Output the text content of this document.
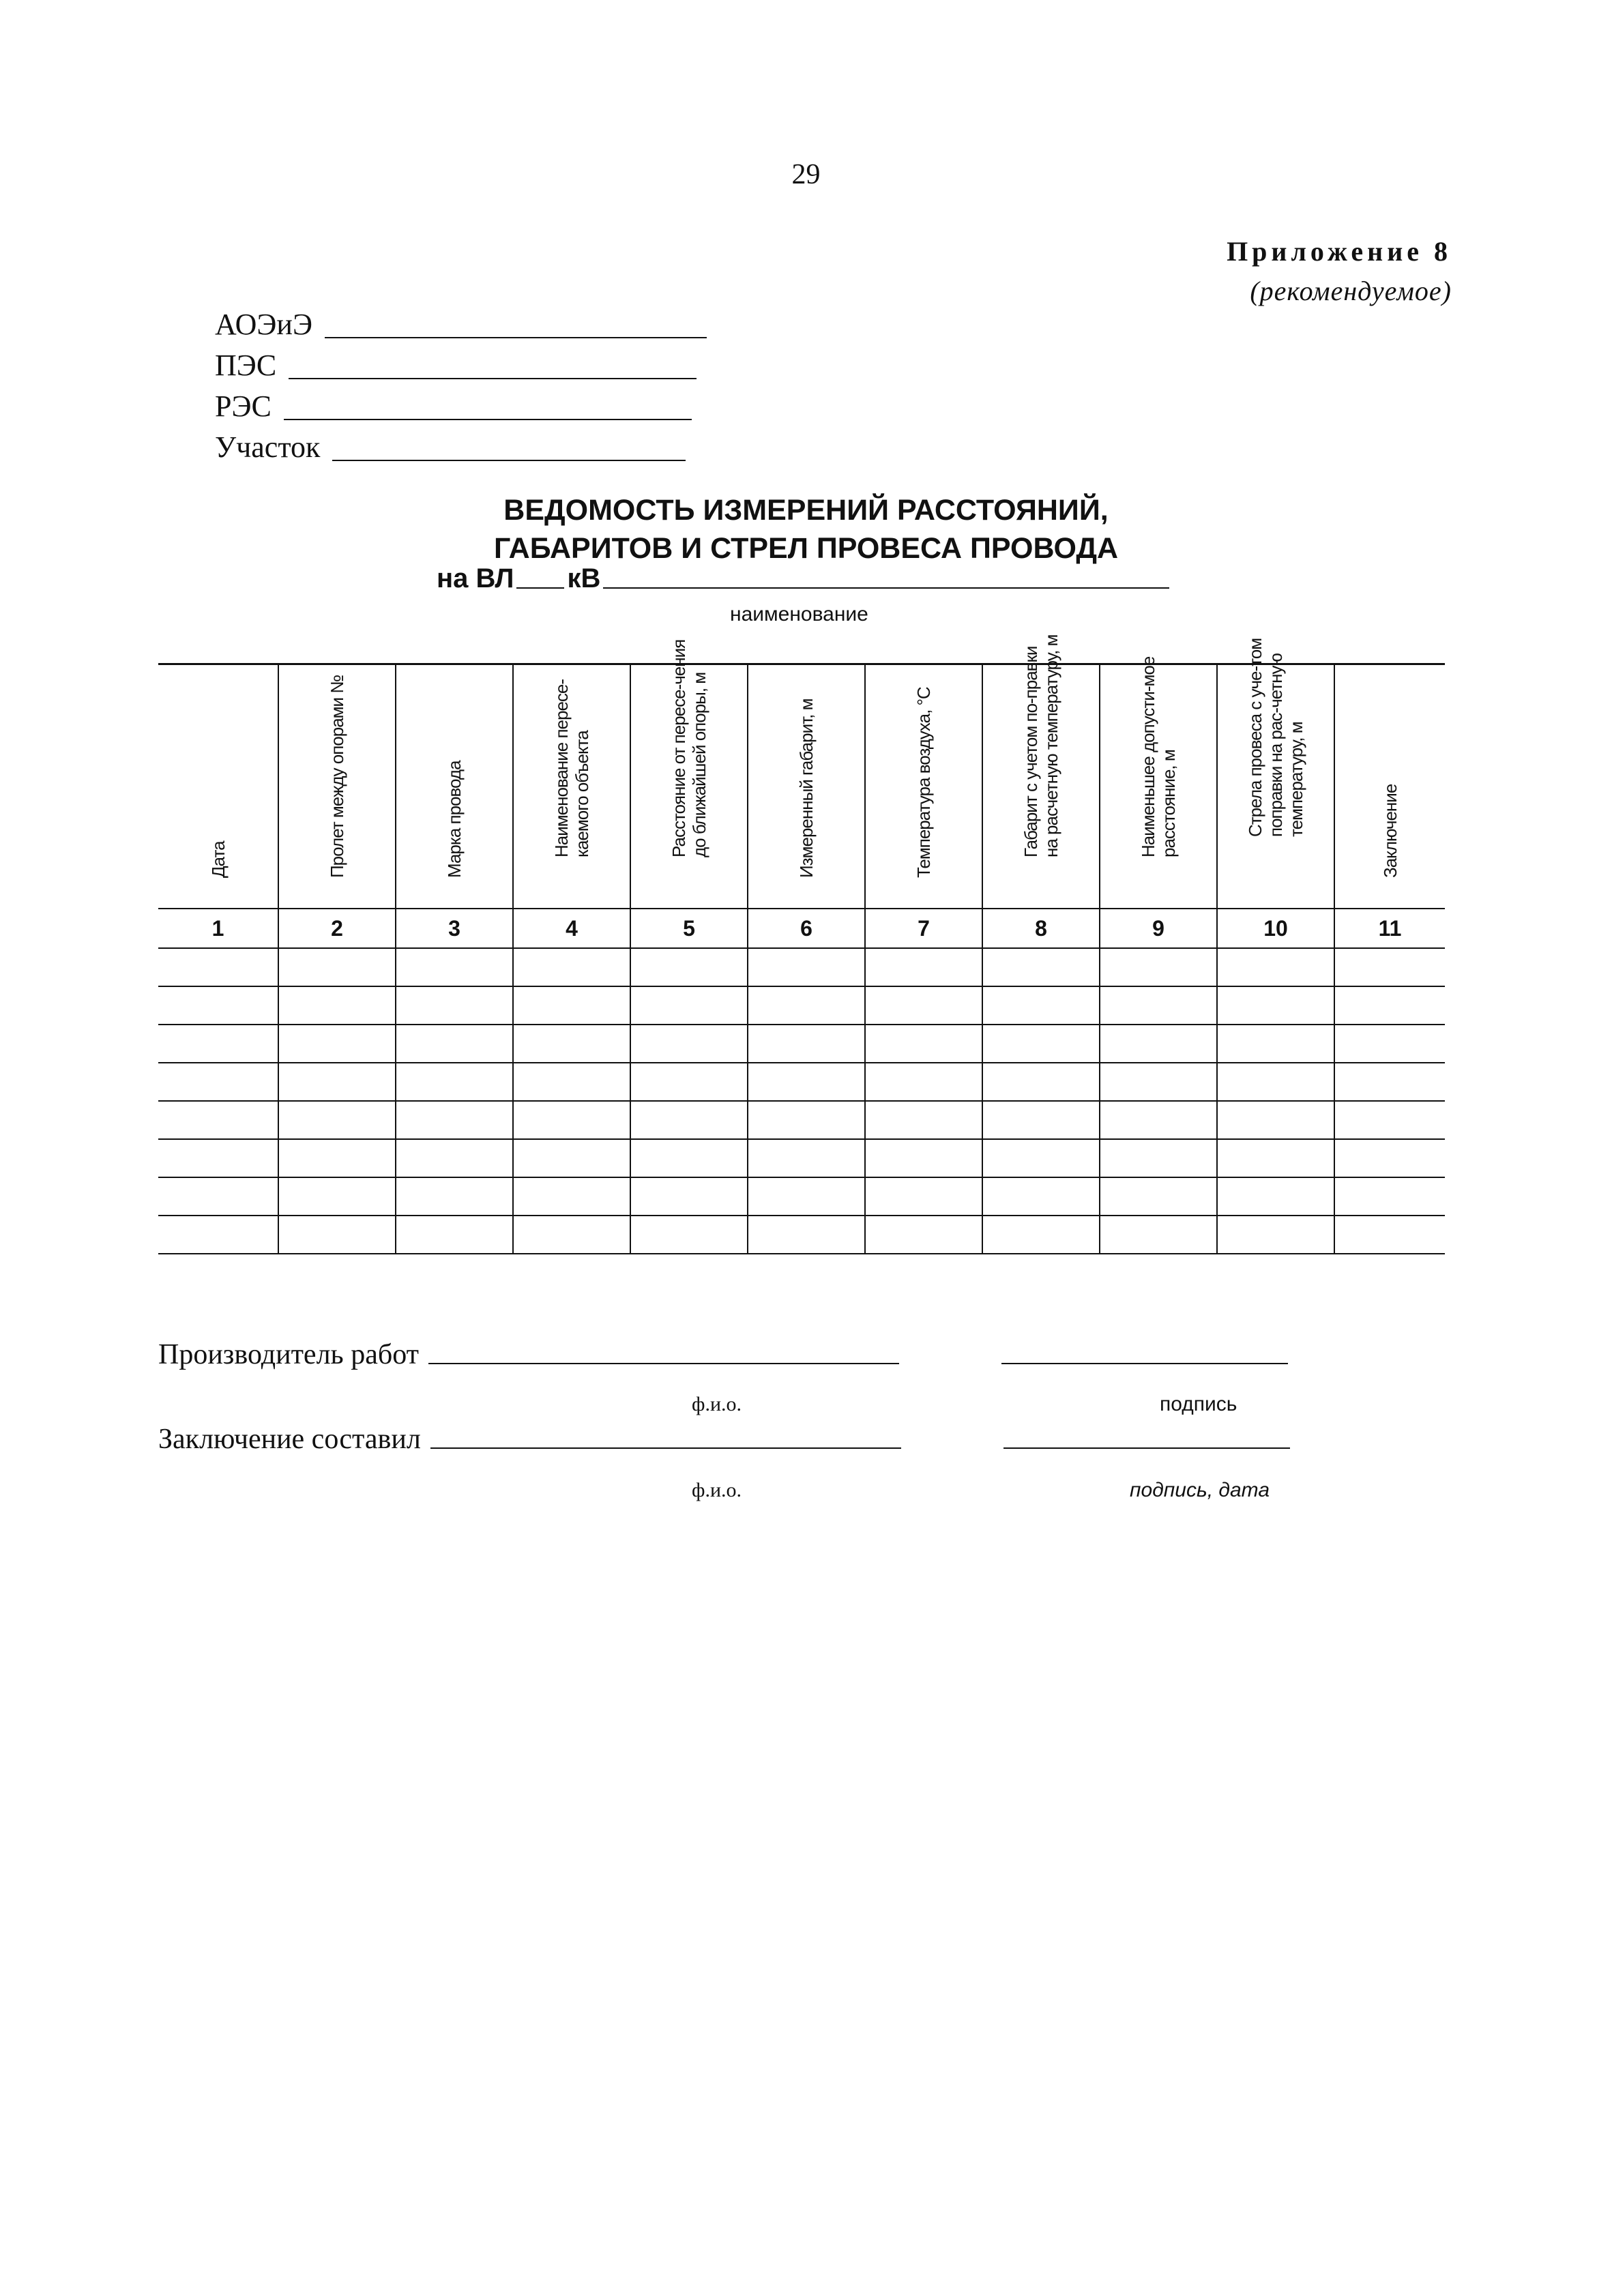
29
Приложение 8
(рекомендуемое)
АОЭиЭ
ПЭС
РЭС
Участок
ВЕДОМОСТЬ ИЗМЕРЕНИЙ РАССТОЯНИЙ,
ГАБАРИТОВ И СТРЕЛ ПРОВЕСА ПРОВОДА
на ВЛ кВ
наименование
Дата	Пролет между опорами №	Марка провода	Наименование пересе-каемого объекта	Расстояние от пересе-чения до ближайшей опоры, м	Измеренный габарит, м	Температура воздуха, °С	Габарит с учетом по-правки на расчетную температуру, м	Наименьшее допусти-мое расстояние, м	Стрела провеса с уче-том поправки на рас-четную температуру, м	Заключение

1	2	3	4	5	6	7	8	9	10	11

Производитель работ
ф.и.о.	подпись
Заключение составил
ф.и.о.	подпись, дата
